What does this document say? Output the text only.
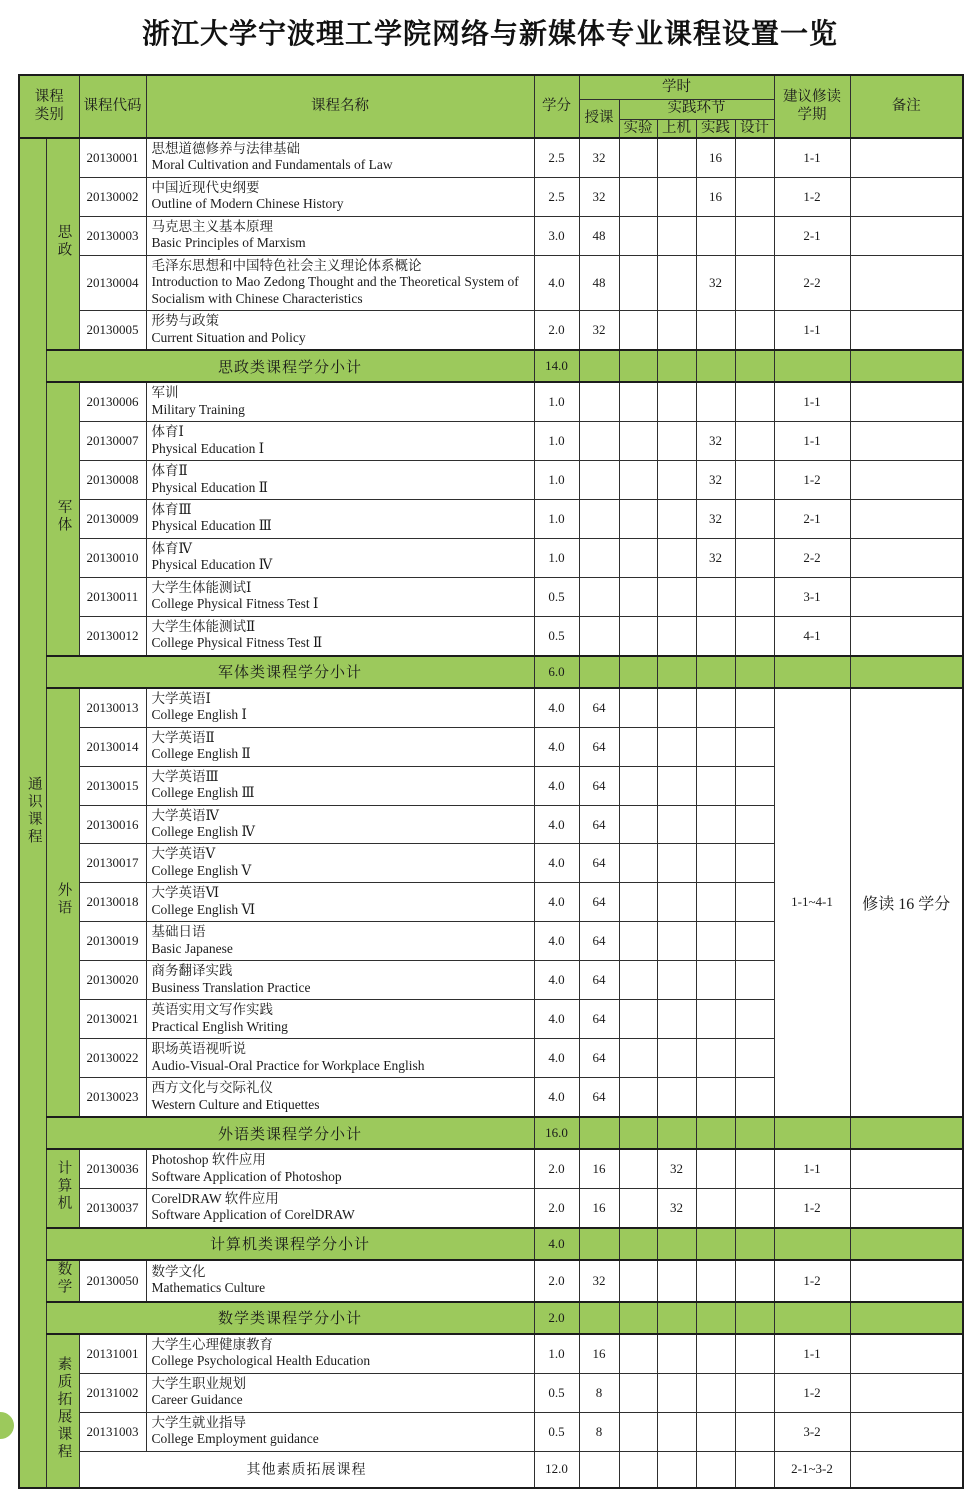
浙江大学宁波理工学院网络与新媒体专业课程设置一览
课程类别		课程代码	课程名称	学分	学时					建议修读学期	备注
					授课	实践环节					
						实验	上机	实践	设计		
通识课程	思政	20130001	思想道德修养与法律基础
Moral Cultivation and Fundamentals of Law	2.5	32			16		1-1	
		20130002	中国近现代史纲要
Outline of Modern Chinese History	2.5	32			16		1-2	
		20130003	马克思主义基本原理
Basic Principles of Marxism	3.0	48					2-1	
		20130004	毛泽东思想和中国特色社会主义理论体系概论
Introduction to Mao Zedong Thought and the Theoretical System of Socialism with Chinese Characteristics	4.0	48			32		2-2	
		20130005	形势与政策
Current Situation and Policy	2.0	32					1-1	
	思政类课程学分小计			14.0							
	军体	20130006	军训
Military Training	1.0						1-1	
		20130007	体育Ⅰ
Physical Education Ⅰ	1.0				32		1-1	
		20130008	体育Ⅱ
Physical Education Ⅱ	1.0				32		1-2	
		20130009	体育Ⅲ
Physical Education Ⅲ	1.0				32		2-1	
		20130010	体育Ⅳ
Physical Education Ⅳ	1.0				32		2-2	
		20130011	大学生体能测试Ⅰ
College Physical Fitness Test Ⅰ	0.5						3-1	
		20130012	大学生体能测试Ⅱ
College Physical Fitness Test Ⅱ	0.5						4-1	
	军体类课程学分小计			6.0							
	外语	20130013	大学英语Ⅰ
College English Ⅰ	4.0	64					1-1~4-1	修读 16 学分
		20130014	大学英语Ⅱ
College English Ⅱ	4.0	64						
		20130015	大学英语Ⅲ
College English Ⅲ	4.0	64						
		20130016	大学英语Ⅳ
College English Ⅳ	4.0	64						
		20130017	大学英语Ⅴ
College English Ⅴ	4.0	64						
		20130018	大学英语Ⅵ
College English Ⅵ	4.0	64						
		20130019	基础日语
Basic Japanese	4.0	64						
		20130020	商务翻译实践
Business Translation Practice	4.0	64						
		20130021	英语实用文写作实践
Practical English Writing	4.0	64						
		20130022	职场英语视听说
Audio-Visual-Oral Practice for Workplace English	4.0	64						
		20130023	西方文化与交际礼仪
Western Culture and Etiquettes	4.0	64						
	外语类课程学分小计			16.0							
	计算机	20130036	Photoshop 软件应用
Software Application of Photoshop	2.0	16		32			1-1	
		20130037	CorelDRAW 软件应用
Software Application of CorelDRAW	2.0	16		32			1-2	
	计算机类课程学分小计			4.0							
	数学	20130050	数学文化
Mathematics Culture	2.0	32					1-2	
	数学类课程学分小计			2.0							
	素质拓展课程	20131001	大学生心理健康教育
College Psychological Health Education	1.0	16					1-1	
		20131002	大学生职业规划
Career Guidance	0.5	8					1-2	
		20131003	大学生就业指导
College Employment guidance	0.5	8					3-2	
		其他素质拓展课程		12.0						2-1~3-2	
